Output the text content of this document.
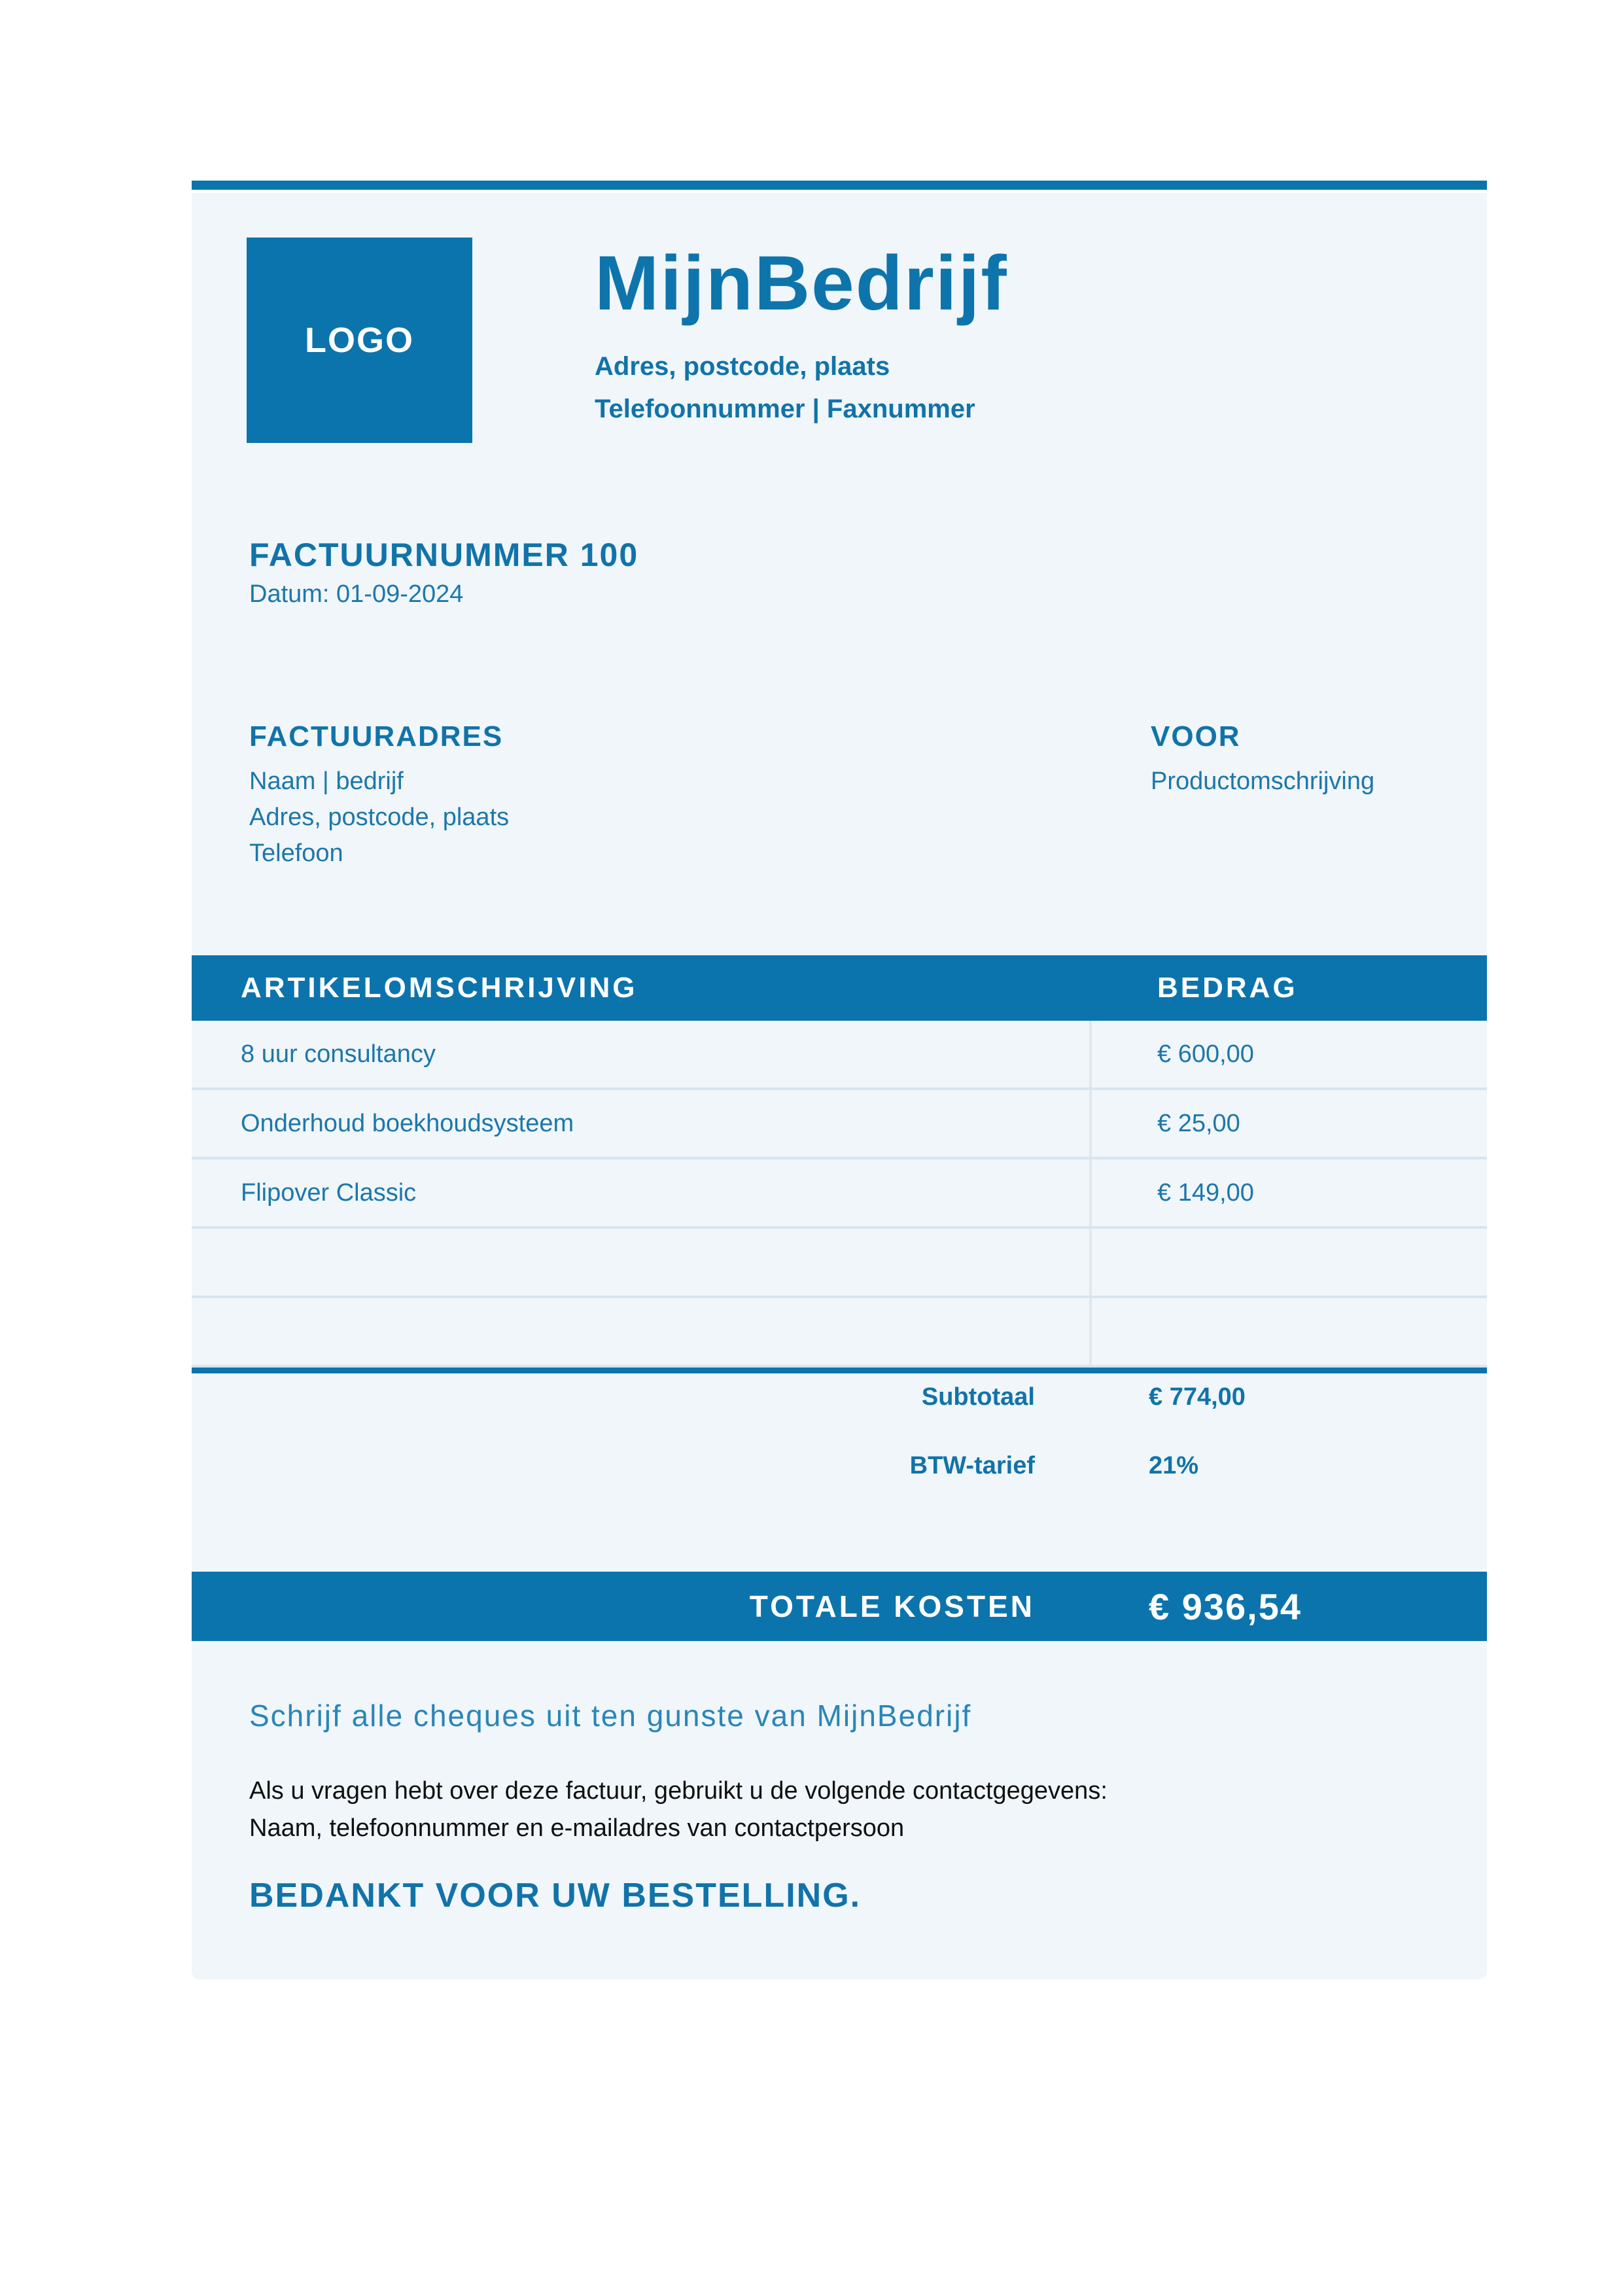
LOGO
MijnBedrijf
Adres, postcode, plaats
Telefoonnummer | Faxnummer
FACTUURNUMMER 100
Datum: 01-09-2024
FACTUURADRES
Naam | bedrijf
Adres, postcode, plaats
Telefoon
VOOR
Productomschrijving
ARTIKELOMSCHRIJVING	BEDRAG
8 uur consultancy	€ 600,00
Onderhoud boekhoudsysteem	€ 25,00
Flipover Classic	€ 149,00
Subtotaal	€ 774,00
BTW-tarief	21%
TOTALE KOSTEN	€ 936,54
Schrijf alle cheques uit ten gunste van MijnBedrijf
Als u vragen hebt over deze factuur, gebruikt u de volgende contactgegevens:
Naam, telefoonnummer en e-mailadres van contactpersoon
BEDANKT VOOR UW BESTELLING.
